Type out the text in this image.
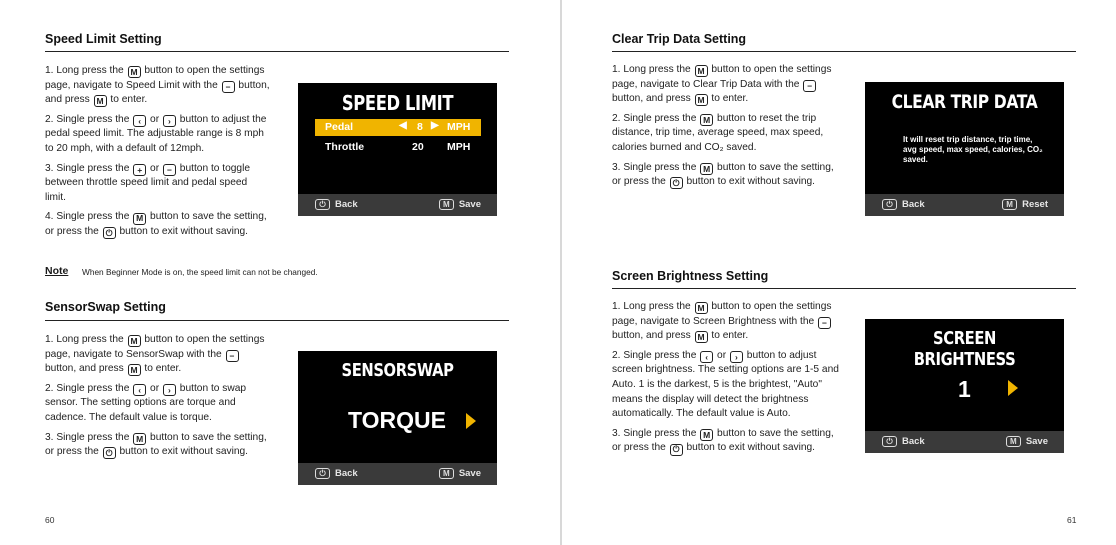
Speed Limit Setting

1. Long press the M button to open the settings page, navigate to Speed Limit with the − button, and press M to enter.

2. Single press the ‹ or › button to adjust the pedal speed limit. The adjustable range is 8 mph to 20 mph, with a default of 12mph.

3. Single press the + or − button to toggle between throttle speed limit and pedal speed limit.

4. Single press the M button to save the setting, or press the ⏻ button to exit without saving.

SPEED LIMIT
Pedal	◀ 8 ▶ MPH
Throttle	20 MPH
⏻ Back	M Save
Note When Beginner Mode is on, the speed limit can not be changed.
SensorSwap Setting

1. Long press the M button to open the settings page, navigate to SensorSwap with the − button, and press M to enter.

2. Single press the ‹ or › button to swap sensor. The setting options are torque and cadence. The default value is torque.

3. Single press the M button to save the setting, or press the ⏻ button to exit without saving.

SENSORSWAP
TORQUE
⏻ Back	M Save
60
Clear Trip Data Setting

1. Long press the M button to open the settings page, navigate to Clear Trip Data with the − button, and press M to enter.

2. Single press the M button to reset the trip distance, trip time, average speed, max speed, calories burned and CO₂ saved.

3. Single press the M button to save the setting, or press the ⏻ button to exit without saving.

CLEAR TRIP DATA
It will reset trip distance, trip time, avg speed, max speed, calories, CO₂ saved.
⏻ Back	M Reset
Screen Brightness Setting

1. Long press the M button to open the settings page, navigate to Screen Brightness with the − button, and press M to enter.

2. Single press the ‹ or › button to adjust screen brightness. The setting options are 1-5 and Auto. 1 is the darkest, 5 is the brightest, "Auto" means the display will detect the brightness automatically. The default value is Auto.

3. Single press the M button to save the setting, or press the ⏻ button to exit without saving.

SCREEN BRIGHTNESS
1
⏻ Back	M Save
61
